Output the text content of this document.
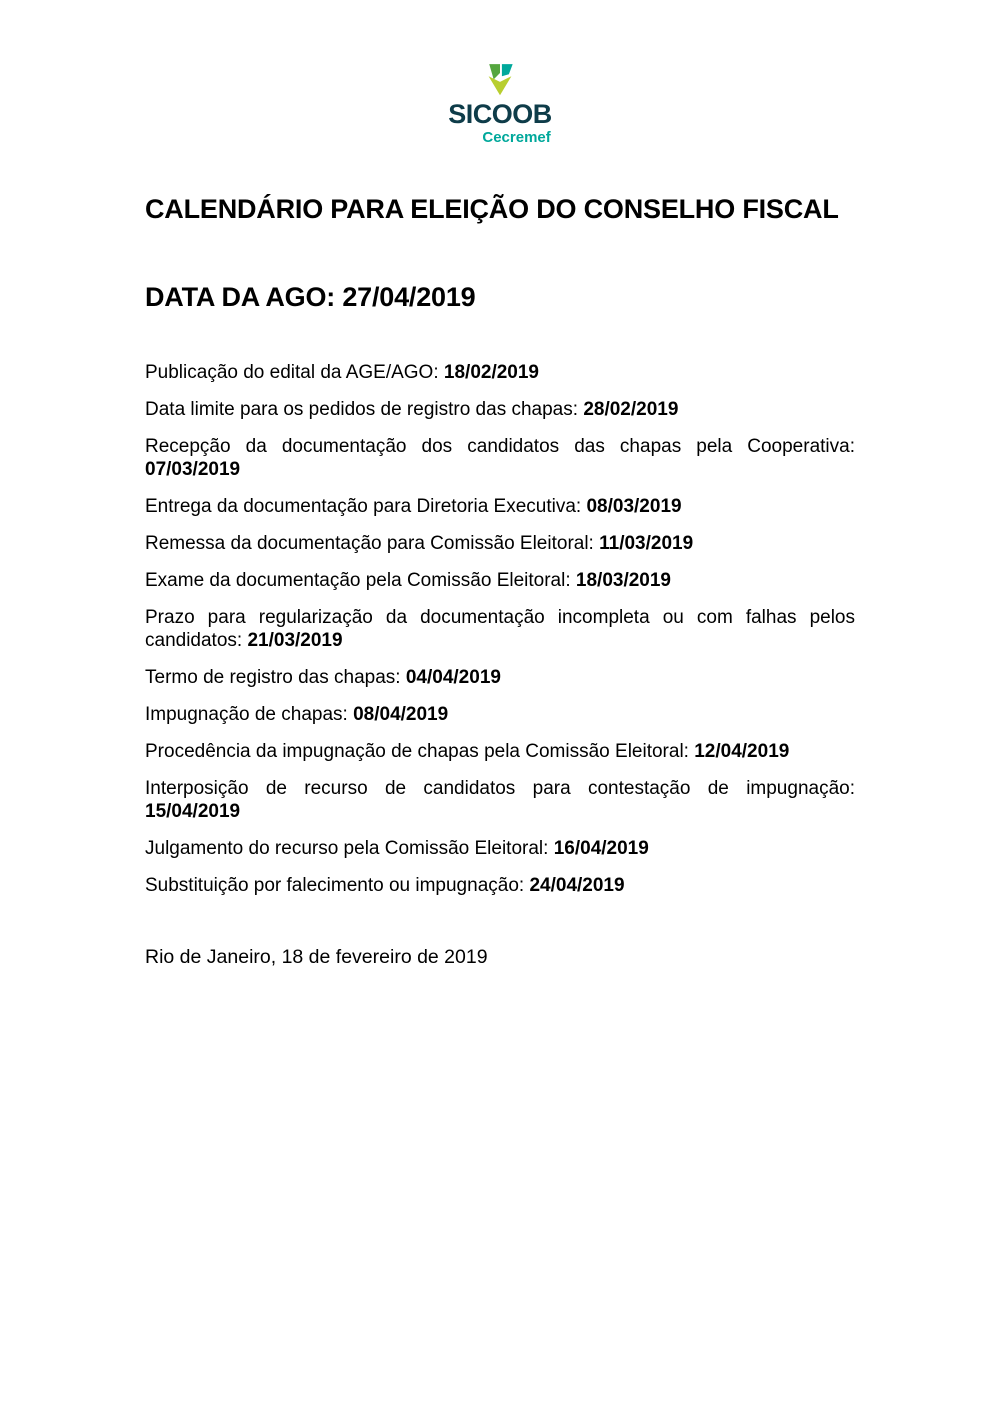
SICOOB
Cecremef
CALENDÁRIO PARA ELEIÇÃO DO CONSELHO FISCAL
DATA DA AGO: 27/04/2019

Publicação do edital da AGE/AGO: 18/02/2019

Data limite para os pedidos de registro das chapas: 28/02/2019

Recepção da documentação dos candidatos das chapas pela Cooperativa: 07/03/2019

Entrega da documentação para Diretoria Executiva: 08/03/2019

Remessa da documentação para Comissão Eleitoral: 11/03/2019

Exame da documentação pela Comissão Eleitoral: 18/03/2019

Prazo para regularização da documentação incompleta ou com falhas pelos candidatos: 21/03/2019

Termo de registro das chapas: 04/04/2019

Impugnação de chapas: 08/04/2019

Procedência da impugnação de chapas pela Comissão Eleitoral: 12/04/2019

Interposição de recurso de candidatos para contestação de impugnação: 15/04/2019

Julgamento do recurso pela Comissão Eleitoral: 16/04/2019

Substituição por falecimento ou impugnação: 24/04/2019

Rio de Janeiro, 18 de fevereiro de 2019
